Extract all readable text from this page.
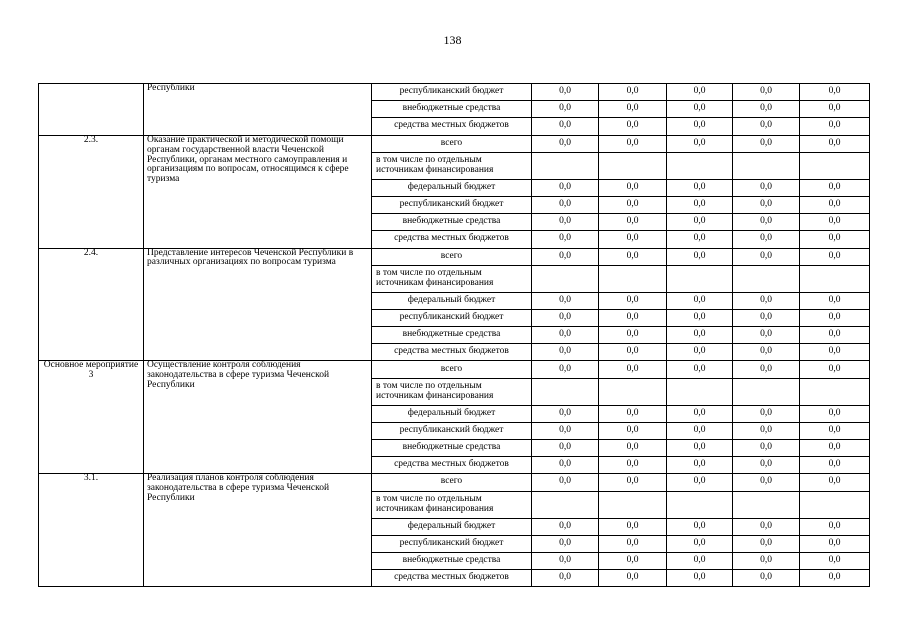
138
	Республики	республиканский бюджет	0,0	0,0	0,0	0,0	0,0
		внебюджетные средства	0,0	0,0	0,0	0,0	0,0
		средства местных бюджетов	0,0	0,0	0,0	0,0	0,0
2.3.	Оказание практической и методической помощи органам государственной власти Чеченской Республики, органам местного самоуправления и организациям по вопросам, относящимся к сфере туризма	всего	0,0	0,0	0,0	0,0	0,0
		в том числе по отдельным источникам финансирования					
		федеральный бюджет	0,0	0,0	0,0	0,0	0,0
		республиканский бюджет	0,0	0,0	0,0	0,0	0,0
		внебюджетные средства	0,0	0,0	0,0	0,0	0,0
		средства местных бюджетов	0,0	0,0	0,0	0,0	0,0
2.4.	Представление интересов Чеченской Республики в различных организациях по вопросам туризма	всего	0,0	0,0	0,0	0,0	0,0
		в том числе по отдельным источникам финансирования					
		федеральный бюджет	0,0	0,0	0,0	0,0	0,0
		республиканский бюджет	0,0	0,0	0,0	0,0	0,0
		внебюджетные средства	0,0	0,0	0,0	0,0	0,0
		средства местных бюджетов	0,0	0,0	0,0	0,0	0,0
Основное мероприятие 3	Осуществление контроля соблюдения законодательства в сфере туризма Чеченской Республики	всего	0,0	0,0	0,0	0,0	0,0
		в том числе по отдельным источникам финансирования					
		федеральный бюджет	0,0	0,0	0,0	0,0	0,0
		республиканский бюджет	0,0	0,0	0,0	0,0	0,0
		внебюджетные средства	0,0	0,0	0,0	0,0	0,0
		средства местных бюджетов	0,0	0,0	0,0	0,0	0,0
3.1.	Реализация планов контроля соблюдения законодательства в сфере туризма Чеченской Республики	всего	0,0	0,0	0,0	0,0	0,0
		в том числе по отдельным источникам финансирования					
		федеральный бюджет	0,0	0,0	0,0	0,0	0,0
		республиканский бюджет	0,0	0,0	0,0	0,0	0,0
		внебюджетные средства	0,0	0,0	0,0	0,0	0,0
		средства местных бюджетов	0,0	0,0	0,0	0,0	0,0
